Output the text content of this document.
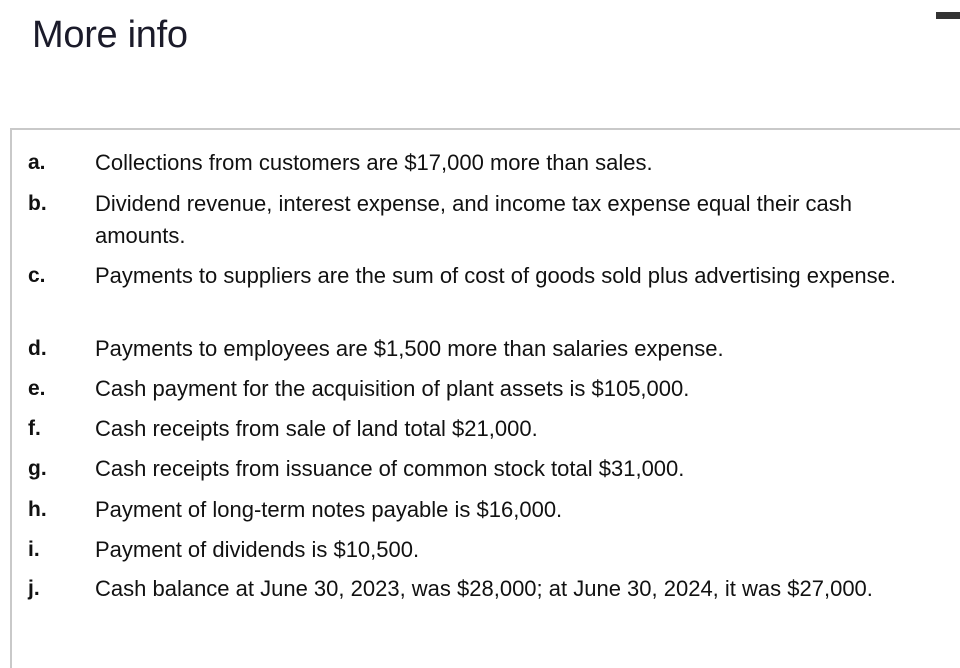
More info
a. Collections from customers are $17,000 more than sales.
b. Dividend revenue, interest expense, and income tax expense equal their cash amounts.
c. Payments to suppliers are the sum of cost of goods sold plus advertising expense.
d. Payments to employees are $1,500 more than salaries expense.
e. Cash payment for the acquisition of plant assets is $105,000.
f. Cash receipts from sale of land total $21,000.
g. Cash receipts from issuance of common stock total $31,000.
h. Payment of long-term notes payable is $16,000.
i.	Payment of dividends is $10,500.
j.	Cash balance at June 30, 2023, was $28,000; at June 30, 2024, it was $27,000.
